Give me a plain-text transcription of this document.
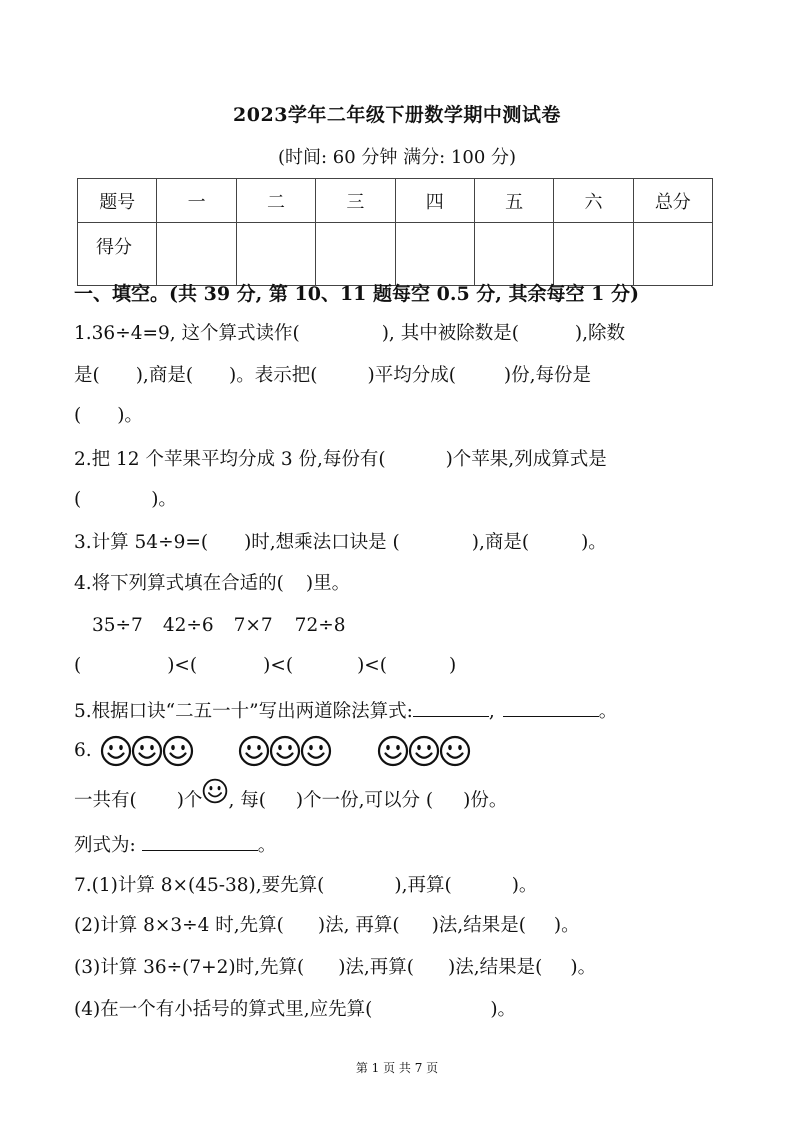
2023学年二年级下册数学期中测试卷
(时间: 60 分钟 满分: 100 分)
题号	一	二	三	四	五	六	总分
得分							
一、填空。(共 39 分, 第 10、11 题每空 0.5 分, 其余每空 1 分)
1.36÷4=9, 这个算式读作(	), 其中被除数是(	),除数
是( ),商是( )。表示把(	)平均分成(	)份,每份是
( )。
2.把 12 个苹果平均分成 3 份,每份有(	)个苹果,列成算式是
(	)。
3.计算 54÷9=( )时,想乘法口诀是 (	),商是(	)。
4.将下列算式填在合适的( )里。
35÷7 42÷6 7×7 72÷8
(	)<(	)<(	)<(	)
5.根据口诀“二五一十”写出两道除法算式:	,	。
6.
一共有( )个 , 每( )个一份,可以分 ( )份。
列式为:	。
7.(1)计算 8×(45-38),要先算(	),再算(	)。
(2)计算 8×3÷4 时,先算( )法, 再算( )法,结果是( )。
(3)计算 36÷(7+2)时,先算( )法,再算( )法,结果是( )。
(4)在一个有小括号的算式里,应先算(	)。
第 1 页 共 7 页
